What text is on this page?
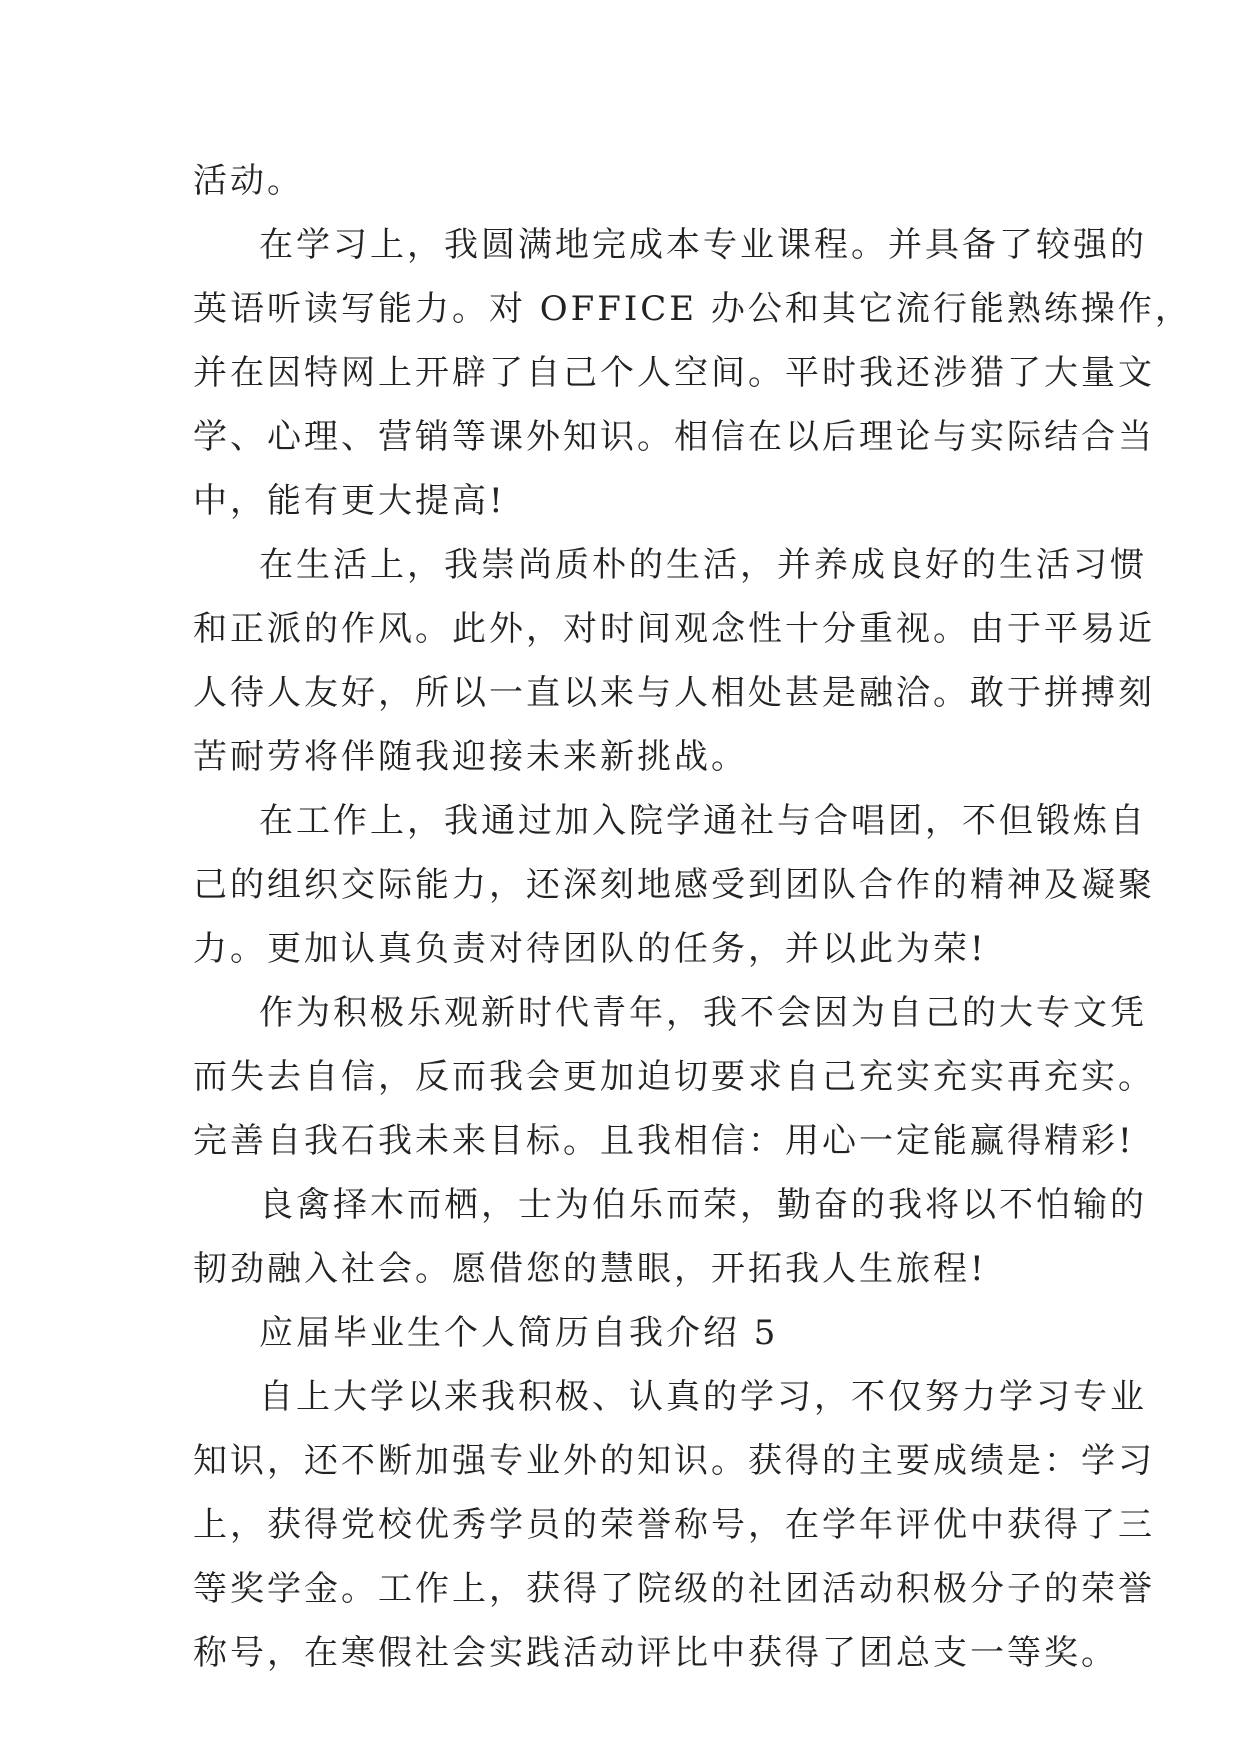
活动。
在学习上，我圆满地完成本专业课程。并具备了较强的
英语听读写能力。对 OFFICE 办公和其它流行能熟练操作，
并在因特网上开辟了自己个人空间。平时我还涉猎了大量文
学、心理、营销等课外知识。相信在以后理论与实际结合当
中，能有更大提高!
在生活上，我崇尚质朴的生活，并养成良好的生活习惯
和正派的作风。此外，对时间观念性十分重视。由于平易近
人待人友好，所以一直以来与人相处甚是融洽。敢于拼搏刻
苦耐劳将伴随我迎接未来新挑战。
在工作上，我通过加入院学通社与合唱团，不但锻炼自
己的组织交际能力，还深刻地感受到团队合作的精神及凝聚
力。更加认真负责对待团队的任务，并以此为荣!
作为积极乐观新时代青年，我不会因为自己的大专文凭
而失去自信，反而我会更加迫切要求自己充实充实再充实。
完善自我石我未来目标。且我相信：用心一定能赢得精彩!
良禽择木而栖，士为伯乐而荣，勤奋的我将以不怕输的
韧劲融入社会。愿借您的慧眼，开拓我人生旅程!
应届毕业生个人简历自我介绍 5
自上大学以来我积极、认真的学习，不仅努力学习专业
知识，还不断加强专业外的知识。获得的主要成绩是：学习
上，获得党校优秀学员的荣誉称号，在学年评优中获得了三
等奖学金。工作上，获得了院级的社团活动积极分子的荣誉
称号，在寒假社会实践活动评比中获得了团总支一等奖。
